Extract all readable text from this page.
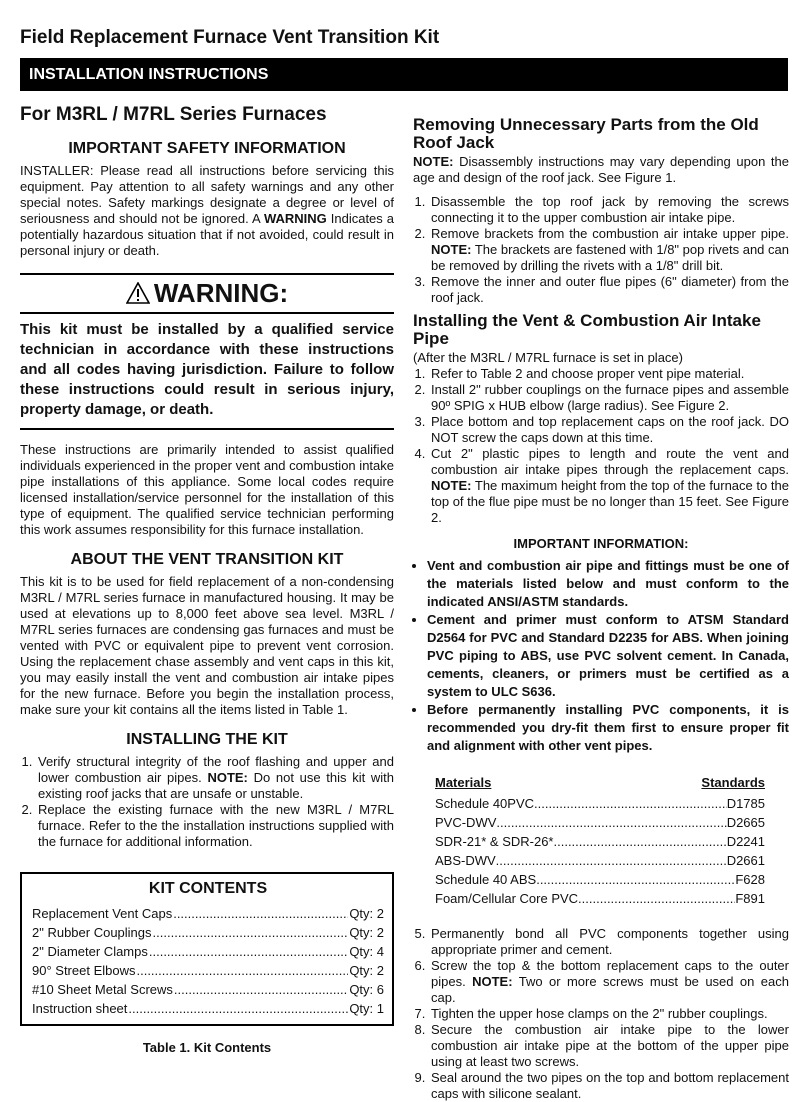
Field Replacement Furnace Vent Transition Kit
INSTALLATION INSTRUCTIONS
For M3RL / M7RL Series Furnaces
IMPORTANT SAFETY INFORMATION

INSTALLER: Please read all instructions before servicing this equipment. Pay attention to all safety warnings and any other special notes. Safety markings designate a degree or level of seriousness and should not be ignored. A WARNING Indicates a potentially hazardous situation that if not avoided, could result in personal injury or death.

WARNING:
This kit must be installed by a qualified service technician in accordance with these instructions and all codes having jurisdiction. Failure to follow these instructions could result in serious injury, property damage, or death.

These instructions are primarily intended to assist qualified individuals experienced in the proper vent and combustion intake pipe installations of this appliance. Some local codes require licensed installation/service personnel for the installation of this type of equipment. The qualified service technician performing this work assumes responsibility for this furnace installation.

ABOUT THE VENT TRANSITION KIT

This kit is to be used for field replacement of a non-condensing M3RL / M7RL series furnace in manufactured housing. It may be used at elevations up to 8,000 feet above sea level. M3RL / M7RL series furnaces are condensing gas furnaces and must be vented with PVC or equivalent pipe to prevent vent corrosion. Using the replacement chase assembly and vent caps in this kit, you may easily install the vent and combustion air intake pipes for the new furnace. Before you begin the installation process, make sure your kit contains all the items listed in Table 1.

INSTALLING THE KIT
1. Verify structural integrity of the roof flashing and upper and lower combustion air pipes. NOTE: Do not use this kit with existing roof jacks that are unsafe or unstable.
2. Replace the existing furnace with the new M3RL / M7RL furnace. Refer to the the installation instructions supplied with the furnace for additional information.
KIT CONTENTS
Replacement Vent Caps .....	Qty: 2
2" Rubber Couplings .....	Qty: 2
2" Diameter Clamps .....	Qty: 4
90° Street Elbows .....	Qty: 2
#10 Sheet Metal Screws .....	Qty: 6
Instruction sheet .....	Qty: 1
Table 1. Kit Contents
Removing Unnecessary Parts from the Old Roof Jack

NOTE: Disassembly instructions may vary depending upon the age and design of the roof jack. See Figure 1.

1. Disassemble the top roof jack by removing the screws connecting it to the upper combustion air intake pipe.
2. Remove brackets from the combustion air intake upper pipe. NOTE: The brackets are fastened with 1/8" pop rivets and can be removed by drilling the rivets with a 1/8" drill bit.
3. Remove the inner and outer flue pipes (6" diameter) from the roof jack.
Installing the Vent & Combustion Air Intake Pipe

(After the M3RL / M7RL furnace is set in place)

1. Refer to Table 2 and choose proper vent pipe material.
2. Install 2" rubber couplings on the furnace pipes and assemble 90º SPIG x HUB elbow (large radius). See Figure 2.
3. Place bottom and top replacement caps on the roof jack. DO NOT screw the caps down at this time.
4. Cut 2" plastic pipes to length and route the vent and combustion air intake pipes through the replacement caps. NOTE: The maximum height from the top of the furnace to the top of the flue pipe must be no longer than 15 feet. See Figure 2.
IMPORTANT INFORMATION:
• Vent and combustion air pipe and fittings must be one of the materials listed below and must conform to the indicated ANSI/ASTM standards.
• Cement and primer must conform to ATSM Standard D2564 for PVC and Standard D2235 for ABS. When joining PVC piping to ABS, use PVC solvent cement. In Canada, cements, cleaners, or primers must be certified as a system to ULC S636.
• Before permanently installing PVC components, it is recommended you dry-fit them first to ensure proper fit and alignment with other vent pipes.
Materials	Standards
Schedule 40PVC .....	D1785
PVC-DWV .....	D2665
SDR-21* & SDR-26* .....	D2241
ABS-DWV .....	D2661
Schedule 40 ABS .....	F628
Foam/Cellular Core PVC .....	F891
5. Permanently bond all PVC components together using appropriate primer and cement.
6. Screw the top & the bottom replacement caps to the outer pipes. NOTE: Two or more screws must be used on each cap.
7. Tighten the upper hose clamps on the 2" rubber couplings.
8. Secure the combustion air intake pipe to the lower combustion air intake pipe at the bottom of the upper pipe using at least two screws.
9. Seal around the two pipes on the top and bottom replacement caps with silicone sealant.
